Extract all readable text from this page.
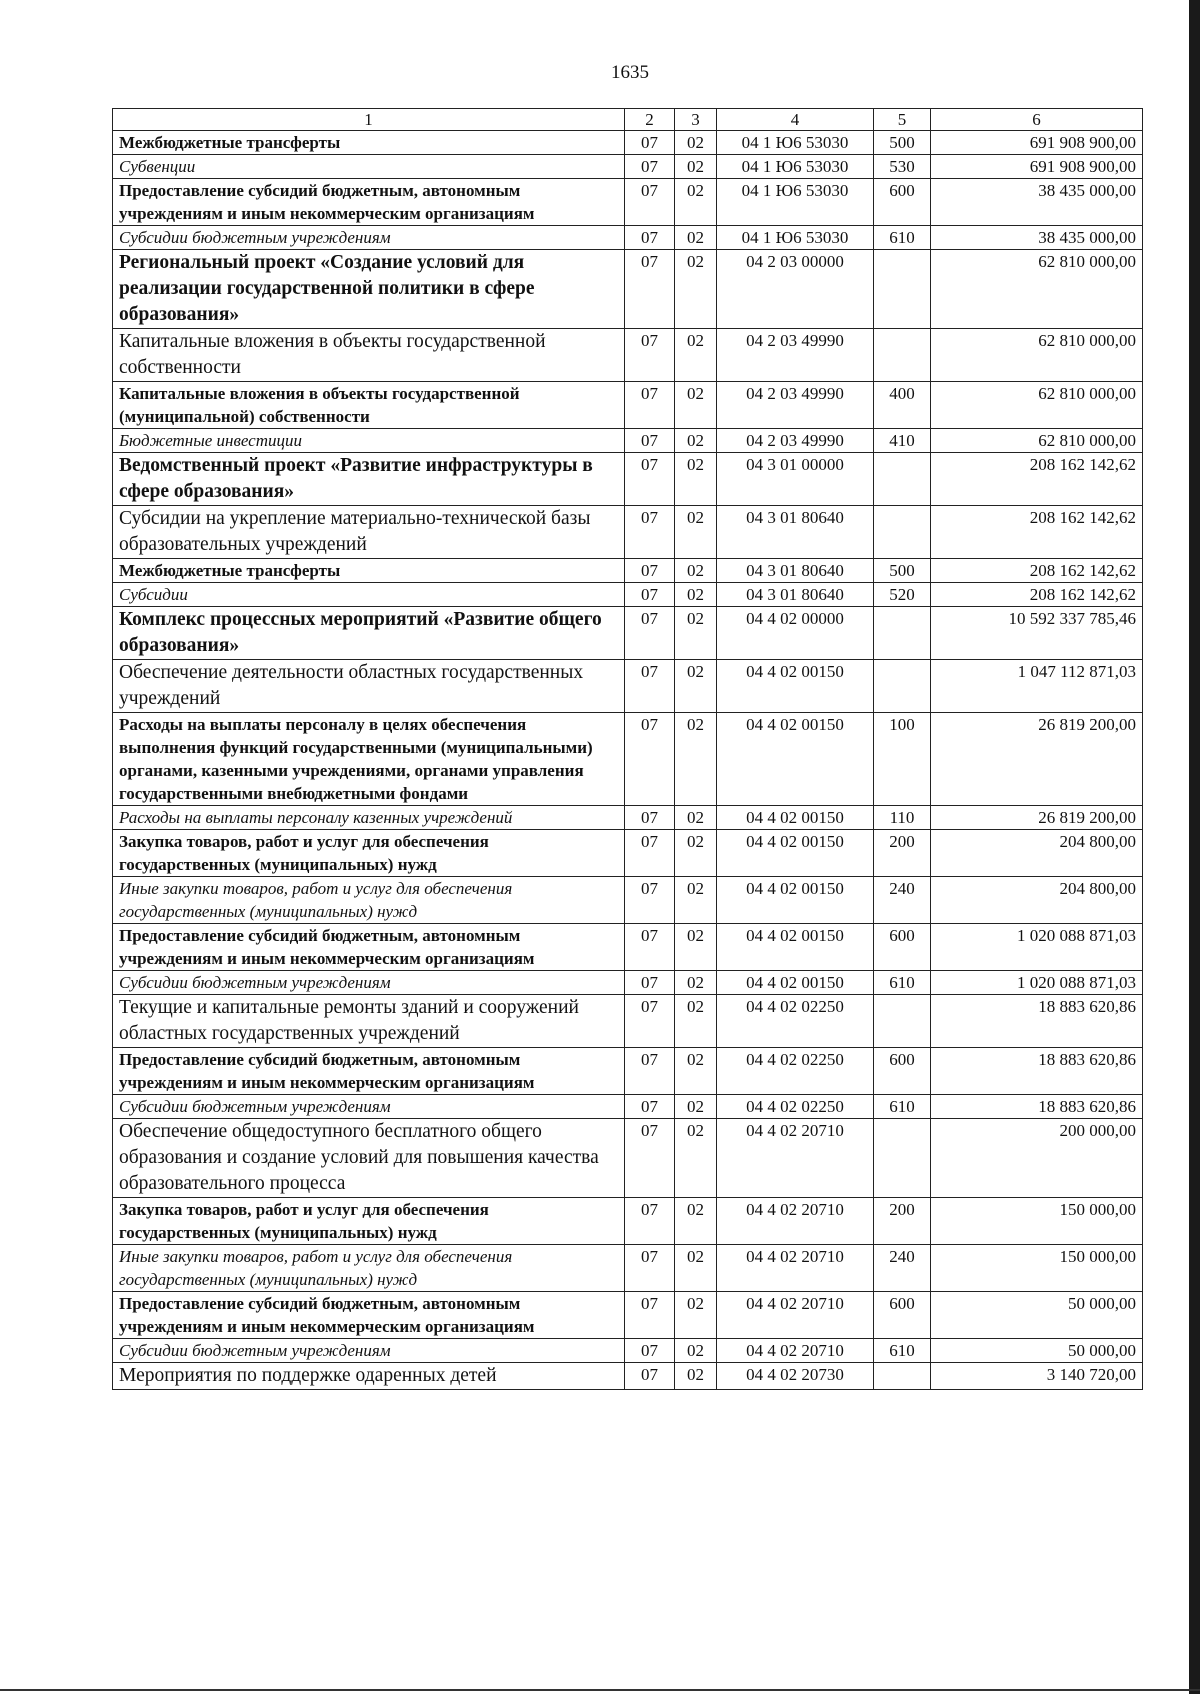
1635
1	2	3	4	5	6
Межбюджетные трансферты	07	02	04 1 Ю6 53030	500	691 908 900,00
Субвенции	07	02	04 1 Ю6 53030	530	691 908 900,00
Предоставление субсидий бюджетным, автономным учреждениям и иным некоммерческим организациям	07	02	04 1 Ю6 53030	600	38 435 000,00
Субсидии бюджетным учреждениям	07	02	04 1 Ю6 53030	610	38 435 000,00
Региональный проект «Создание условий для реализации государственной политики в сфере образования»	07	02	04 2 03 00000		62 810 000,00
Капитальные вложения в объекты государственной собственности	07	02	04 2 03 49990		62 810 000,00
Капитальные вложения в объекты государственной (муниципальной) собственности	07	02	04 2 03 49990	400	62 810 000,00
Бюджетные инвестиции	07	02	04 2 03 49990	410	62 810 000,00
Ведомственный проект «Развитие инфраструктуры в сфере образования»	07	02	04 3 01 00000		208 162 142,62
Субсидии на укрепление материально-технической базы образовательных учреждений	07	02	04 3 01 80640		208 162 142,62
Межбюджетные трансферты	07	02	04 3 01 80640	500	208 162 142,62
Субсидии	07	02	04 3 01 80640	520	208 162 142,62
Комплекс процессных мероприятий «Развитие общего образования»	07	02	04 4 02 00000		10 592 337 785,46
Обеспечение деятельности областных государственных учреждений	07	02	04 4 02 00150		1 047 112 871,03
Расходы на выплаты персоналу в целях обеспечения выполнения функций государственными (муниципальными) органами, казенными учреждениями, органами управления государственными внебюджетными фондами	07	02	04 4 02 00150	100	26 819 200,00
Расходы на выплаты персоналу казенных учреждений	07	02	04 4 02 00150	110	26 819 200,00
Закупка товаров, работ и услуг для обеспечения государственных (муниципальных) нужд	07	02	04 4 02 00150	200	204 800,00
Иные закупки товаров, работ и услуг для обеспечения государственных (муниципальных) нужд	07	02	04 4 02 00150	240	204 800,00
Предоставление субсидий бюджетным, автономным учреждениям и иным некоммерческим организациям	07	02	04 4 02 00150	600	1 020 088 871,03
Субсидии бюджетным учреждениям	07	02	04 4 02 00150	610	1 020 088 871,03
Текущие и капитальные ремонты зданий и сооружений областных государственных учреждений	07	02	04 4 02 02250		18 883 620,86
Предоставление субсидий бюджетным, автономным учреждениям и иным некоммерческим организациям	07	02	04 4 02 02250	600	18 883 620,86
Субсидии бюджетным учреждениям	07	02	04 4 02 02250	610	18 883 620,86
Обеспечение общедоступного бесплатного общего образования и создание условий для повышения качества образовательного процесса	07	02	04 4 02 20710		200 000,00
Закупка товаров, работ и услуг для обеспечения государственных (муниципальных) нужд	07	02	04 4 02 20710	200	150 000,00
Иные закупки товаров, работ и услуг для обеспечения государственных (муниципальных) нужд	07	02	04 4 02 20710	240	150 000,00
Предоставление субсидий бюджетным, автономным учреждениям и иным некоммерческим организациям	07	02	04 4 02 20710	600	50 000,00
Субсидии бюджетным учреждениям	07	02	04 4 02 20710	610	50 000,00
Мероприятия по поддержке одаренных детей	07	02	04 4 02 20730		3 140 720,00
